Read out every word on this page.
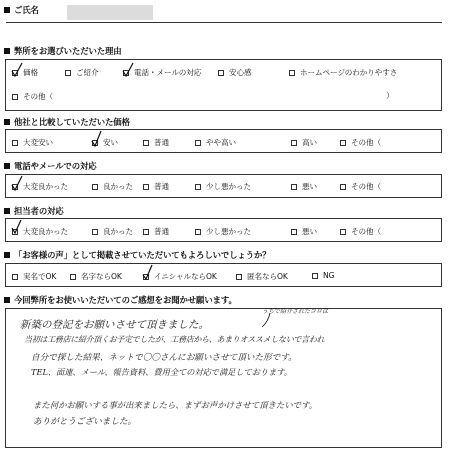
ご氏名
弊所をお選びいただいた理由
価格	ご紹介	電話・メールの対応	安心感	ホームページのわかりやすさ
その他（	）
他社と比較していただいた価格
大変安い	安い	普通	やや高い	高い	その他（
電話やメールでの対応
大変良かった	良かった	普通	少し悪かった	悪い	その他（
担当者の対応
大変良かった	良かった	普通	少し悪かった	悪い	その他（
「お客様の声」として掲載させていただいてもよろしいでしょうか？
実名でOK	名字ならOK	イニシャルならOK	匿名ならOK	NG
今回弊所をお使いいただいてのご感想をお聞かせ願います。
うちで紹介されたコロは
新築の登記をお願いさせて頂きました。
当初は工務店に紹介頂くお予定でしたが、工務店から、あまりオススメしないで言われ
自分で探した結果、ネットで〇〇さんにお願いさせて頂いた形です。
TEL、面連、メール、報告資料、費用全ての対応で満足しております。
また何かお願いする事が出来ましたら、まずお声かけさせて頂きたいです。
ありがとうございました。
